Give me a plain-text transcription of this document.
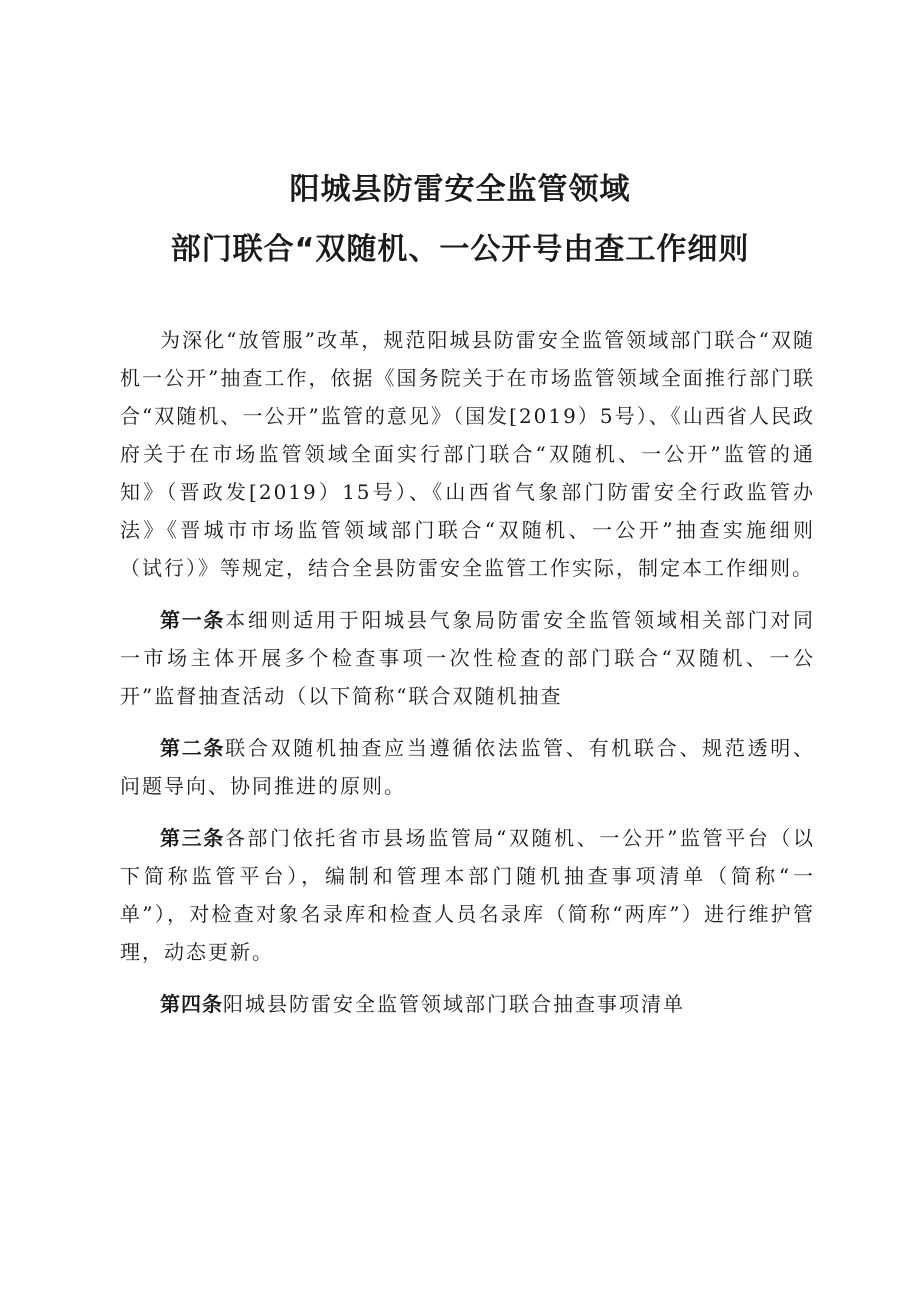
阳城县防雷安全监管领域
部门联合“双随机、一公开号由查工作细则

为深化“放管服”改革，规范阳城县防雷安全监管领域部门联合“双随机一公开”抽查工作，依据《国务院关于在市场监管领域全面推行部门联合“双随机、一公开”监管的意见》（国发[2019）5号）、《山西省人民政府关于在市场监管领域全面实行部门联合“双随机、一公开”监管的通知》（晋政发[2019）15号）、《山西省气象部门防雷安全行政监管办法》《晋城市市场监管领域部门联合“双随机、一公开”抽查实施细则（试行）》等规定，结合全县防雷安全监管工作实际，制定本工作细则。

第一条本细则适用于阳城县气象局防雷安全监管领域相关部门对同一市场主体开展多个检查事项一次性检查的部门联合“双随机、一公开”监督抽查活动（以下简称“联合双随机抽查

第二条联合双随机抽查应当遵循依法监管、有机联合、规范透明、问题导向、协同推进的原则。

第三条各部门依托省市县场监管局“双随机、一公开”监管平台（以下简称监管平台），编制和管理本部门随机抽查事项清单（简称“一单”），对检查对象名录库和检查人员名录库（简称“两库”）进行维护管理，动态更新。

第四条阳城县防雷安全监管领域部门联合抽查事项清单
